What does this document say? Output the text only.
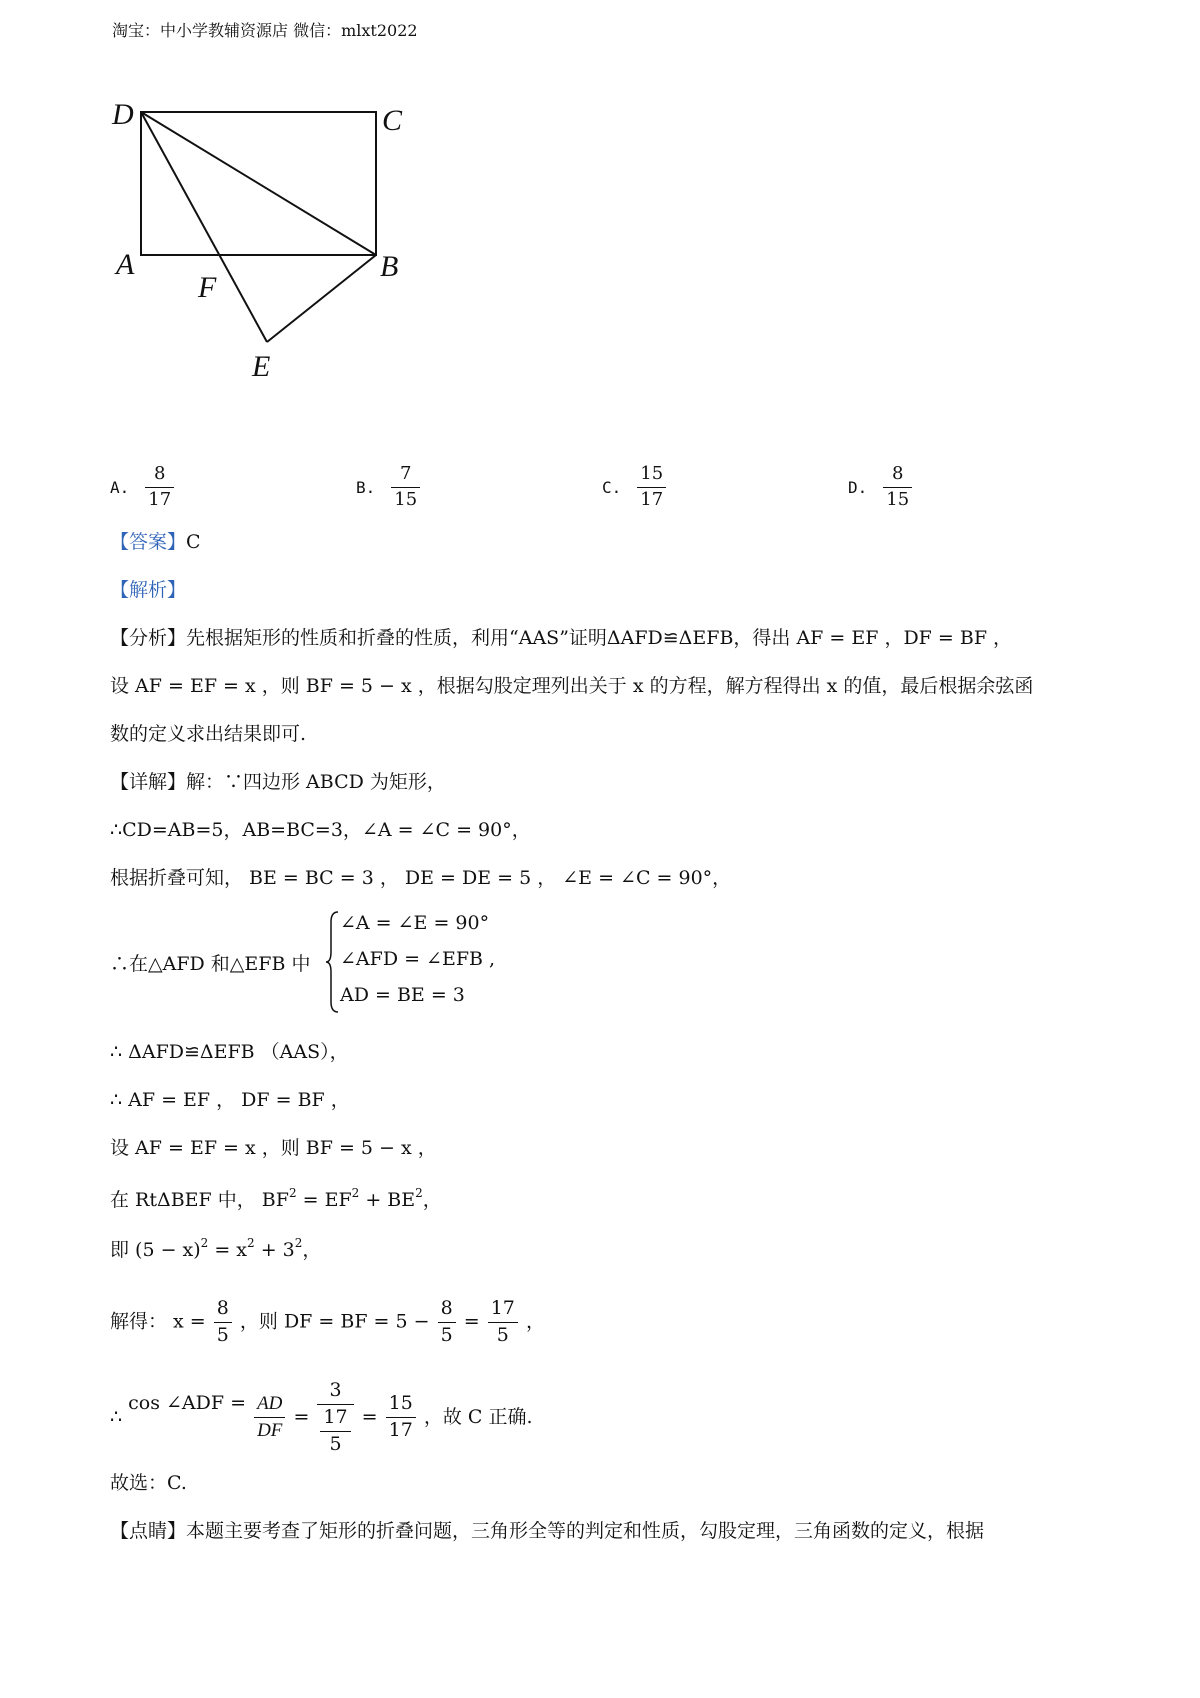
淘宝：中小学教辅资源店 微信：mlxt2022
D	C
A	B
F
E
A. $\frac{8}{17}$	B. $\frac{7}{15}$	C. $\frac{15}{17}$	D. $\frac{8}{15}$
【答案】C
【解析】
【分析】先根据矩形的性质和折叠的性质，利用“AAS”证明ΔAFD≌ΔEFB，得出 AF = EF ，DF = BF ，
设 AF = EF = x ，则 BF = 5 − x ，根据勾股定理列出关于 x 的方程，解方程得出 x 的值，最后根据余弦函
数的定义求出结果即可.
【详解】解：∵四边形 ABCD 为矩形，
∴CD=AB=5，AB=BC=3，∠A = ∠C = 90°，
根据折叠可知， BE = BC = 3 ， DE = DE = 5 ， ∠E = ∠C = 90°，
∴在△AFD 和△EFB 中
∠A = ∠E = 90°
∠AFD = ∠EFB ,
AD = BE = 3
∴ ΔAFD≌ΔEFB （AAS），
∴ AF = EF ， DF = BF ，
设 AF = EF = x ，则 BF = 5 − x ，
在 RtΔBEF 中， $BF^2 = EF^2 + BE^2$，
即 $(5 - x)^2 = x^2 + 3^2$，
解得： $x = \frac{8}{5}$ ，则 DF = BF = $5 - \frac{8}{5} = \frac{17}{5}$ ，
∴ cos ∠ADF = $\frac{AD}{DF} = \frac{3}{\frac{17}{5}} = \frac{15}{17}$ ，故 C 正确.
故选：C.
【点睛】本题主要考查了矩形的折叠问题，三角形全等的判定和性质，勾股定理，三角函数的定义，根据
